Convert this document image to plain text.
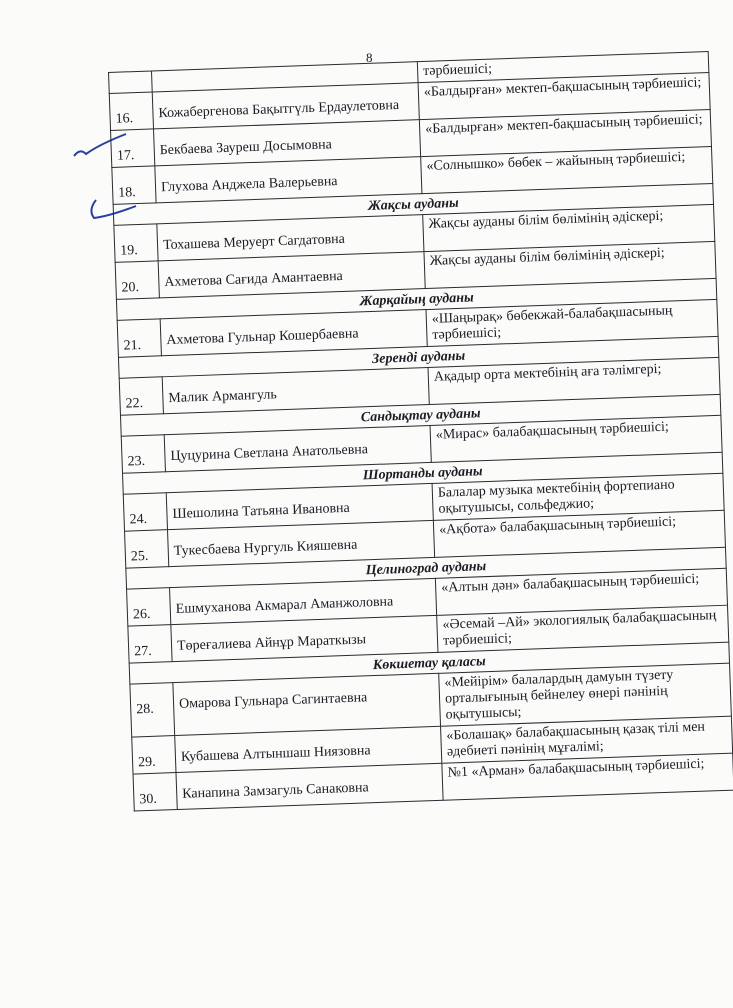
8
		тәрбиешісі;
16.	Кожабергенова Бақытгүль Ердаулетовна	«Балдырған» мектеп-бақшасының тәрбиешісі;
17.	Бекбаева Зауреш Досымовна	«Балдырған» мектеп-бақшасының тәрбиешісі;
18.	Глухова Анджела Валерьевна	«Солнышко» бөбек – жайының тәрбиешісі;
Жақсы ауданы		
19.	Тохашева Меруерт Сагдатовна	Жақсы ауданы білім бөлімінің әдіскері;
20.	Ахметова Сағида Амантаевна	Жақсы ауданы білім бөлімінің әдіскері;
Жарқайың ауданы		
21.	Ахметова Гульнар Кошербаевна	«Шаңырақ» бөбекжай-балабақшасының тәрбиешісі;
Зеренді ауданы		
22.	Малик Армангуль	Ақадыр орта мектебінің аға тәлімгері;
Сандықтау ауданы		
23.	Цуцурина Светлана Анатольевна	«Мирас» балабақшасының тәрбиешісі;
Шортанды ауданы		
24.	Шешолина Татьяна Ивановна	Балалар музыка мектебінің фортепиано оқытушысы, сольфеджио;
25.	Тукесбаева Нургуль Кияшевна	«Ақбота» балабақшасының тәрбиешісі;
Целиноград ауданы		
26.	Ешмуханова Акмарал Аманжоловна	«Алтын дән» балабақшасының тәрбиешісі;
27.	Төреғалиева Айнұр Мараткызы	«Әсемай –Ай» экологиялық балабақшасының тәрбиешісі;
Көкшетау қаласы		
28.	Омарова Гульнара Сагинтаевна	«Мейірім» балалардың дамуын түзету орталығының бейнелеу өнері пәнінің оқытушысы;
29.	Кубашева Алтыншаш Ниязовна	«Болашақ» балабақшасының қазақ тілі мен әдебиеті пәнінің мұғалімі;
30.	Канапина Замзагуль Санаковна	№1 «Арман» балабақшасының тәрбиешісі;
